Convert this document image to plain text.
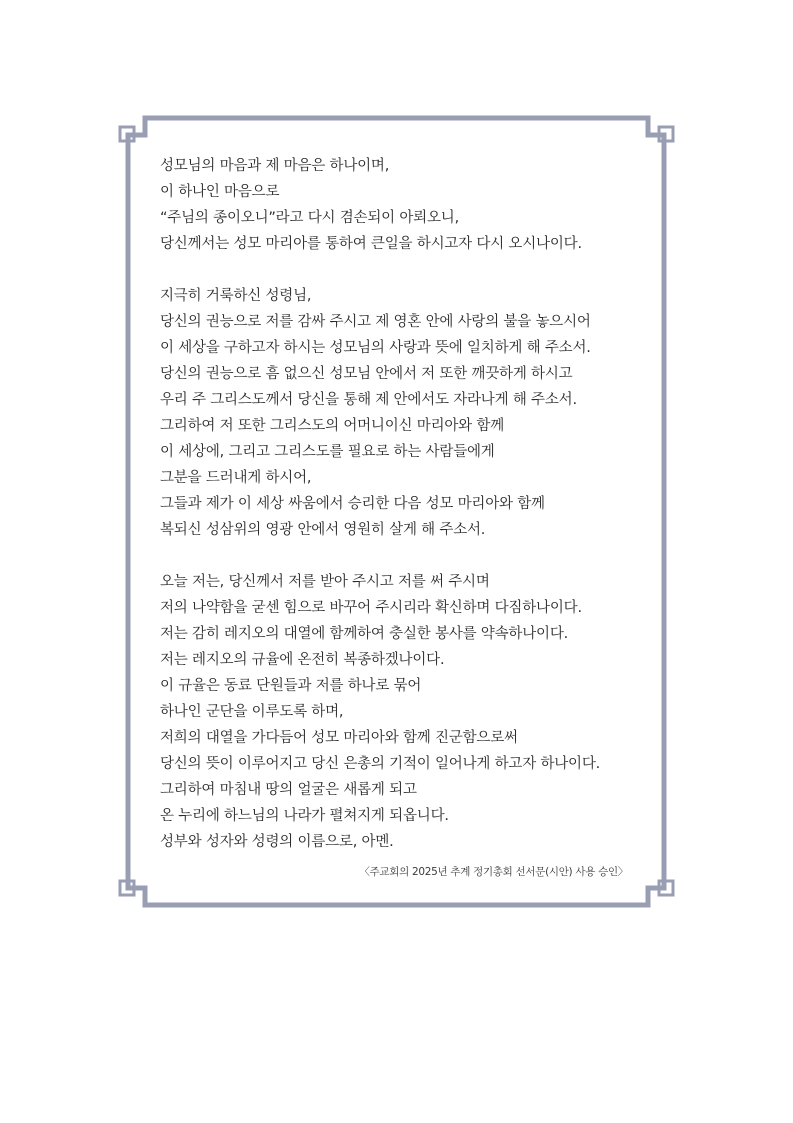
성모님의 마음과 제 마음은 하나이며,
이 하나인 마음으로
“주님의 종이오니”라고 다시 겸손되이 아뢰오니,
당신께서는 성모 마리아를 통하여 큰일을 하시고자 다시 오시나이다.
지극히 거룩하신 성령님,
당신의 권능으로 저를 감싸 주시고 제 영혼 안에 사랑의 불을 놓으시어
이 세상을 구하고자 하시는 성모님의 사랑과 뜻에 일치하게 해 주소서.
당신의 권능으로 흠 없으신 성모님 안에서 저 또한 깨끗하게 하시고
우리 주 그리스도께서 당신을 통해 제 안에서도 자라나게 해 주소서.
그리하여 저 또한 그리스도의 어머니이신 마리아와 함께
이 세상에, 그리고 그리스도를 필요로 하는 사람들에게
그분을 드러내게 하시어,
그들과 제가 이 세상 싸움에서 승리한 다음 성모 마리아와 함께
복되신 성삼위의 영광 안에서 영원히 살게 해 주소서.
오늘 저는, 당신께서 저를 받아 주시고 저를 써 주시며
저의 나약함을 굳센 힘으로 바꾸어 주시리라 확신하며 다짐하나이다.
저는 감히 레지오의 대열에 함께하여 충실한 봉사를 약속하나이다.
저는 레지오의 규율에 온전히 복종하겠나이다.
이 규율은 동료 단원들과 저를 하나로 묶어
하나인 군단을 이루도록 하며,
저희의 대열을 가다듬어 성모 마리아와 함께 진군함으로써
당신의 뜻이 이루어지고 당신 은총의 기적이 일어나게 하고자 하나이다.
그리하여 마침내 땅의 얼굴은 새롭게 되고
온 누리에 하느님의 나라가 펼쳐지게 되옵니다.
성부와 성자와 성령의 이름으로, 아멘.
〈주교회의 2025년 추계 정기총회 선서문(시안) 사용 승인〉
